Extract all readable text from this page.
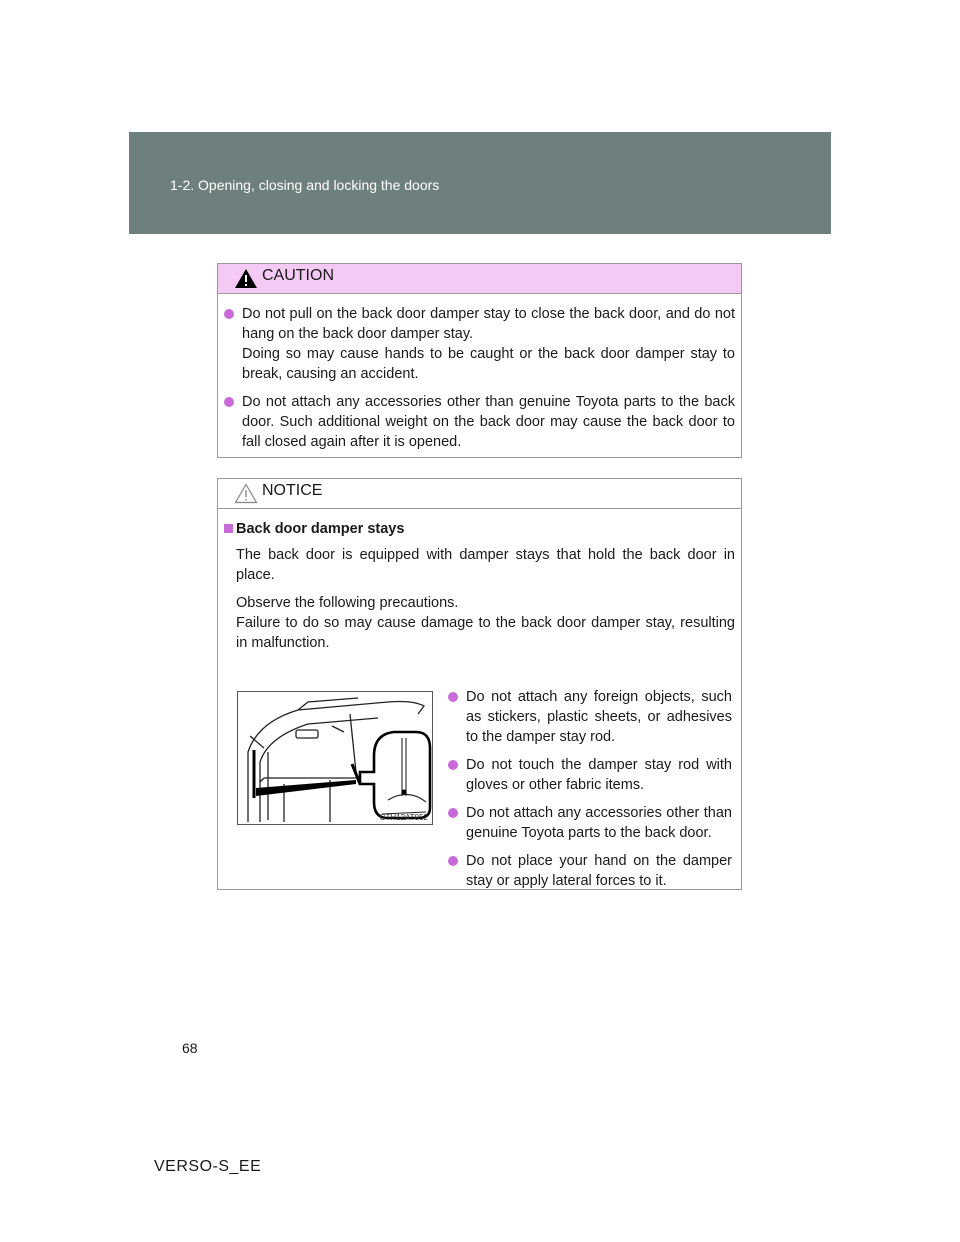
1-2. Opening, closing and locking the doors
CAUTION
Do not pull on the back door damper stay to close the back door, and do not hang on the back door damper stay.
Doing so may cause hands to be caught or the back door damper stay to break, causing an accident.
Do not attach any accessories other than genuine Toyota parts to the back door. Such additional weight on the back door may cause the back door to fall closed again after it is opened.
NOTICE
Back door damper stays
The back door is equipped with damper stays that hold the back door in place.
Observe the following precautions.
Failure to do so may cause damage to the back door damper stay, resulting in malfunction.
CTH12AT052
Do not attach any foreign objects, such as stickers, plastic sheets, or adhesives to the damper stay rod.
Do not touch the damper stay rod with gloves or other fabric items.
Do not attach any accessories other than genuine Toyota parts to the back door.
Do not place your hand on the damper stay or apply lateral forces to it.
68
VERSO-S_EE
